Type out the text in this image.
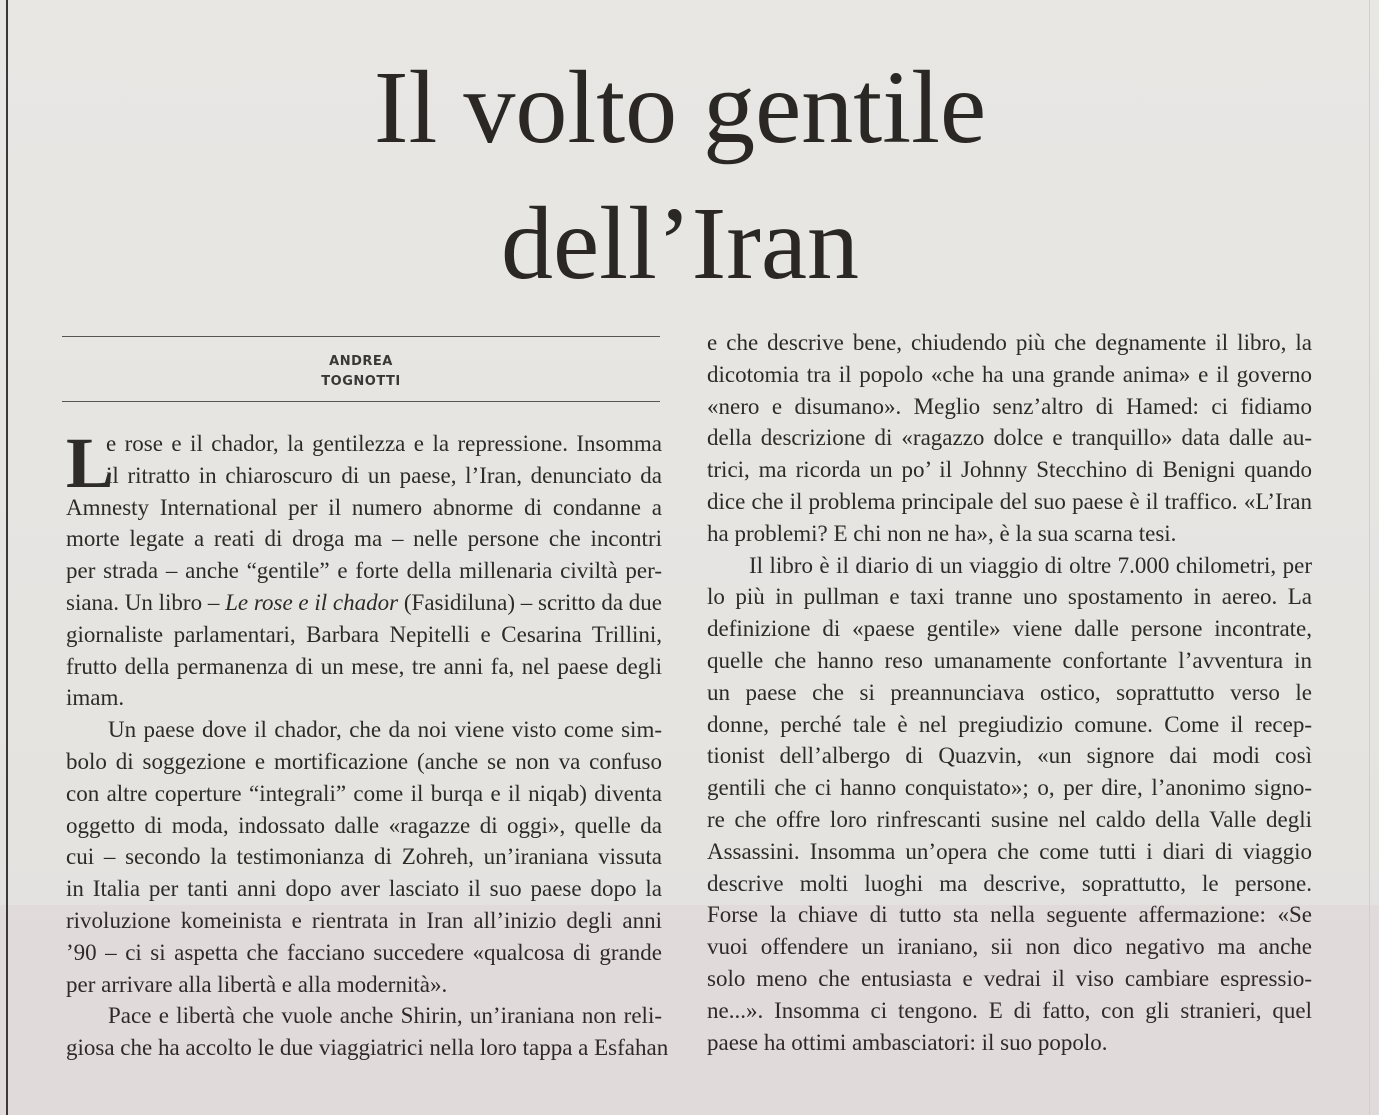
Il volto gentile
dell’Iran
ANDREA
TOGNOTTI
L
e rose e il chador, la gentilezza e la repressione. Insomma
il ritratto in chiaroscuro di un paese, l’Iran, denunciato da
Amnesty International per il numero abnorme di condanne a
morte legate a reati di droga ma – nelle persone che incontri
per strada – anche “gentile” e forte della millenaria civiltà per-
siana. Un libro – Le rose e il chador (Fasidiluna) – scritto da due
giornaliste parlamentari, Barbara Nepitelli e Cesarina Trillini,
frutto della permanenza di un mese, tre anni fa, nel paese degli
imam.
Un paese dove il chador, che da noi viene visto come sim-
bolo di soggezione e mortificazione (anche se non va confuso
con altre coperture “integrali” come il burqa e il niqab) diventa
oggetto di moda, indossato dalle «ragazze di oggi», quelle da
cui – secondo la testimonianza di Zohreh, un’iraniana vissuta
in Italia per tanti anni dopo aver lasciato il suo paese dopo la
rivoluzione komeinista e rientrata in Iran all’inizio degli anni
’90 – ci si aspetta che facciano succedere «qualcosa di grande
per arrivare alla libertà e alla modernità».
Pace e libertà che vuole anche Shirin, un’iraniana non reli-
giosa che ha accolto le due viaggiatrici nella loro tappa a Esfahan
e che descrive bene, chiudendo più che degnamente il libro, la
dicotomia tra il popolo «che ha una grande anima» e il governo
«nero e disumano». Meglio senz’altro di Hamed: ci fidiamo
della descrizione di «ragazzo dolce e tranquillo» data dalle au-
trici, ma ricorda un po’ il Johnny Stecchino di Benigni quando
dice che il problema principale del suo paese è il traffico. «L’Iran
ha problemi? E chi non ne ha», è la sua scarna tesi.
Il libro è il diario di un viaggio di oltre 7.000 chilometri, per
lo più in pullman e taxi tranne uno spostamento in aereo. La
definizione di «paese gentile» viene dalle persone incontrate,
quelle che hanno reso umanamente confortante l’avventura in
un paese che si preannunciava ostico, soprattutto verso le
donne, perché tale è nel pregiudizio comune. Come il recep-
tionist dell’albergo di Quazvin, «un signore dai modi così
gentili che ci hanno conquistato»; o, per dire, l’anonimo signo-
re che offre loro rinfrescanti susine nel caldo della Valle degli
Assassini. Insomma un’opera che come tutti i diari di viaggio
descrive molti luoghi ma descrive, soprattutto, le persone.
Forse la chiave di tutto sta nella seguente affermazione: «Se
vuoi offendere un iraniano, sii non dico negativo ma anche
solo meno che entusiasta e vedrai il viso cambiare espressio-
ne...». Insomma ci tengono. E di fatto, con gli stranieri, quel
paese ha ottimi ambasciatori: il suo popolo.
